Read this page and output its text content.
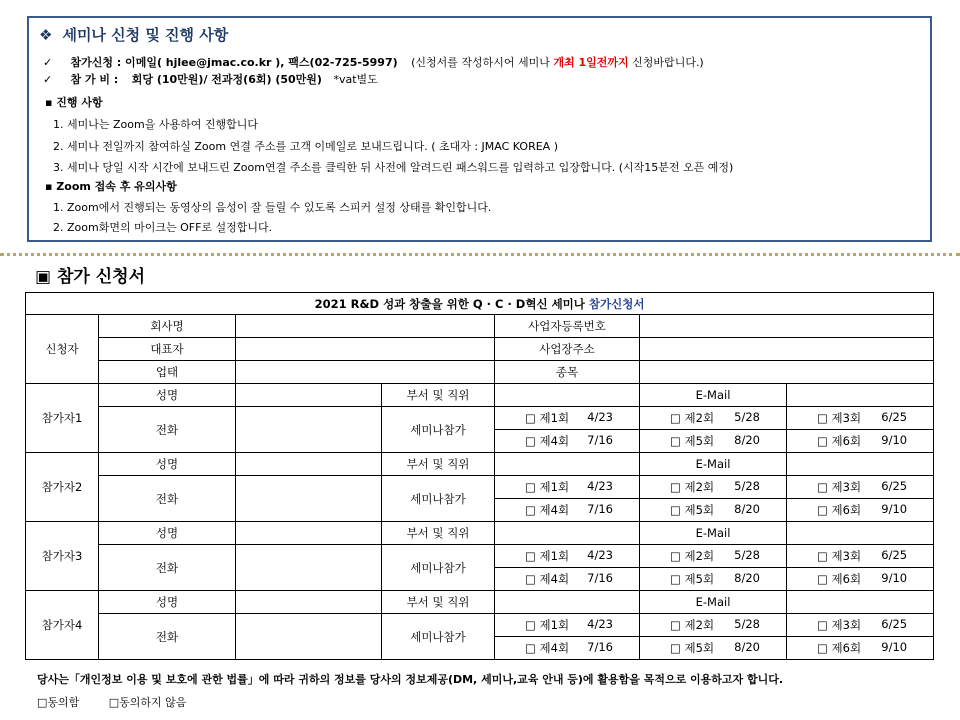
❖ 세미나 신청 및 진행 사항
✓ 참가신청 : 이메일( hjlee@jmac.co.kr ), 팩스(02-725-5997) (신청서를 작성하시어 세미나 개최 1일전까지 신청바랍니다.)
✓ 참 가 비 : 회당 (10만원)/ 전과정(6회) (50만원) *vat별도
▪ 진행 사항
1. 세미나는 Zoom을 사용하여 진행합니다
2. 세미나 전일까지 참여하실 Zoom 연결 주소를 고객 이메일로 보내드립니다. ( 초대자 : JMAC KOREA )
3. 세미나 당일 시작 시간에 보내드린 Zoom연결 주소를 클릭한 뒤 사전에 알려드린 패스워드를 입력하고 입장합니다. (시작15분전 오픈 예정)
▪ Zoom 접속 후 유의사항
1. Zoom에서 진행되는 동영상의 음성이 잘 들릴 수 있도록 스피커 설정 상태를 확인합니다.
2. Zoom화면의 마이크는 OFF로 설정합니다.
▣ 참가 신청서
2021 R&D 성과 창출을 위한 Q · C · D혁신 세미나 참가신청서						
신청자	회사명			사업자등록번호		
	대표자			사업장주소		
	업태			종목		
참가자1	성명		부서 및 직위		E-Mail	
	전화		세미나참가	□ 제1회 4/23	□ 제2회 5/28	□ 제3회 6/25

				□ 제4회 7/16	□ 제5회 8/20	□ 제6회 9/10

참가자2	성명		부서 및 직위		E-Mail	
	전화		세미나참가	□ 제1회 4/23	□ 제2회 5/28	□ 제3회 6/25

				□ 제4회 7/16	□ 제5회 8/20	□ 제6회 9/10

참가자3	성명		부서 및 직위		E-Mail	
	전화		세미나참가	□ 제1회 4/23	□ 제2회 5/28	□ 제3회 6/25

				□ 제4회 7/16	□ 제5회 8/20	□ 제6회 9/10

참가자4	성명		부서 및 직위		E-Mail	
	전화		세미나참가	□ 제1회 4/23	□ 제2회 5/28	□ 제3회 6/25

				□ 제4회 7/16	□ 제5회 8/20	□ 제6회 9/10
당사는「개인정보 이용 및 보호에 관한 법률」에 따라 귀하의 정보를 당사의 정보제공(DM, 세미나,교육 안내 등)에 활용함을 목적으로 이용하고자 합니다.
□동의함	□동의하지 않음
